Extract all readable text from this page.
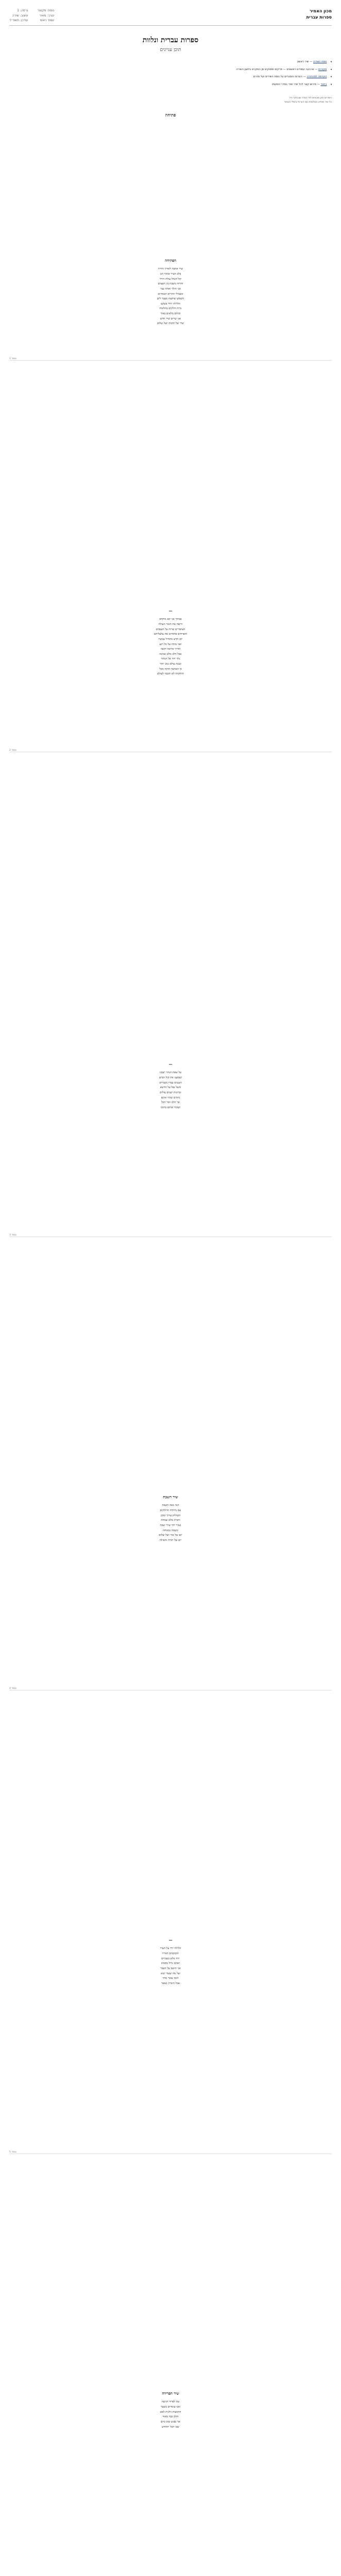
מכון האמיר
ספרות עברית
נוסח: מקוצר
עורך: מאיר
עמוד ראשי
גרסה: 1
עיצוב: שירה
עודכן: תשפ״ד
ספרות עברית ונלוות
תוכן עניינים
◂ נוסח השירה — שיר ראשון
◂ מקורות — ארבעה עמודים ראשונים — פרקים ופסוקים מן המקרא בלשון השירה
◂ הקדמה למהדורה — הערות והסברים על נוסח השירים ועל סדרם
◂ ביאור — פירוש קצר לכל שיר ושיר בסדר הופעתו
השירים כאן מובאים לפי הסדר שבכתבי היד
כל שיר מופיע בשלמותו עם הערות בשולי העמוד
פתיחה
הפתיחה
שיר אהבה לאורך הדרך
בלב העיר ובתוך הגן
קול הנחל עולה ויורד
והרוח נושבת בין העצים
אני הולך ואתה עמי
בשבילי ההרים הגבוהים
השמש שוקעת מעבר לים
והלילה יורד בשקט
נרות דולקים בחלונות
ובתים מלאים באור
אנו שרים שיר חדש
שיר של תקווה ושל שלום
עמוד 1
—
בבוקר אני קם מוקדם
ורואה את האור העולה
הציפורים שרות על הענפים
והפרחים פותחים את עלעליהם
יום חדש מתחיל עכשיו
ואני מודה על כל רגע
הדרך ארוכה וקשה
אבל הלב מלא אמונה
נלך יחד אל המחר
ונבנה עולם טוב יותר
כי האהבה חזקה מכל
והתקווה לא תכבה לעולם
עמוד 2
—
על שפת הנהר ישבנו
ושמענו את קול המים
העננים עברו בשמיים
והצל נפל על הדשא
זכרונות ישנים עולים
מימים שהיו ואינם
אך הלב זוכר הכל
ושומר אותם בתוכו
עמוד 3
שיר השבת
הנה באה השבת
עם נרותיה הדולקים
השולחן ערוך ומוכן
והבית מלא שמחה
נשיר יחד שירי שבת
ונשמח במנוחה
יום של אור ושל שלום
יום של תורה ותפילה
עמוד 4
—
הלילה ירד על העיר
והכוכבים האירו
ירח מלא בשמיים
ושקט גדול מסביב
אני חושב על העבר
ועל מה שעוד יבוא
הזמן עובר מהר
אבל הזכרון נשאר
עמוד 5
שיר הפרידה
עת לפרוד הגיעה
ואנו עומדים בשער
הדמעות זולגות לאט
והלב כבד מאוד
אך נפגש שוב ביום
שבו הכל יתחדש
